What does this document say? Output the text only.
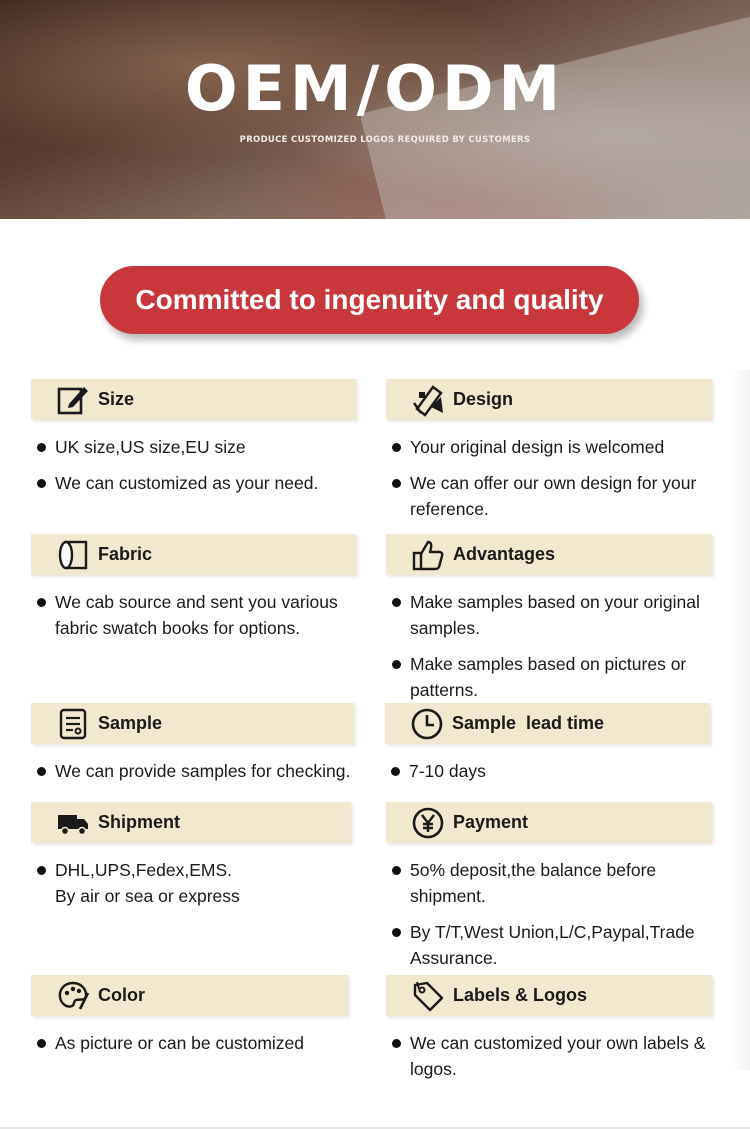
OEM/ODM
PRODUCE CUSTOMIZED LOGOS REQUIRED BY CUSTOMERS
Committed to ingenuity and quality
Size
UK size,US size,EU size
We can customized as your need.
Design
Your original design is welcomed
We can offer our own design for your reference.
Fabric
We cab source and sent you various fabric swatch books for options.
Advantages
Make samples based on your original samples.
Make samples based on pictures or patterns.
Sample
We can provide samples for checking.
Sample  lead time
7-10 days
Shipment
DHL,UPS,Fedex,EMS.
By air or sea or express
Payment
5o% deposit,the balance before shipment.
By T/T,West Union,L/C,Paypal,Trade Assurance.
Color
As picture or can be customized
Labels & Logos
We can customized your own labels & logos.
